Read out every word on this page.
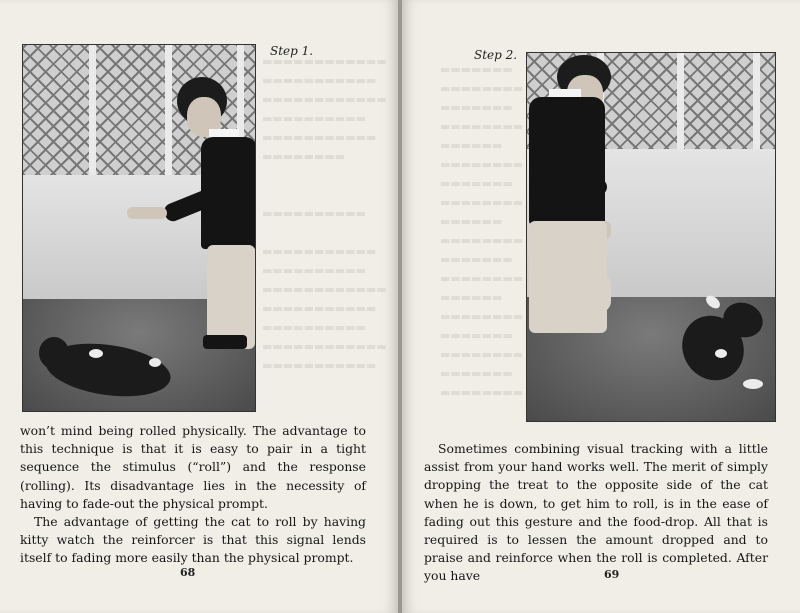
▬▬▬▬▬▬▬▬▬▬▬▬
▬▬▬▬▬▬▬▬▬▬▬
▬▬▬▬▬▬▬▬▬▬▬▬
▬▬▬▬▬▬▬▬▬▬
▬▬▬▬▬▬▬▬▬▬▬
▬▬▬▬▬▬▬▬

▬▬▬▬▬▬▬▬▬▬

▬▬▬▬▬▬▬▬▬▬▬
▬▬▬▬▬▬▬▬▬▬
▬▬▬▬▬▬▬▬▬▬▬▬
▬▬▬▬▬▬▬▬▬▬▬
▬▬▬▬▬▬▬▬▬▬
▬▬▬▬▬▬▬▬▬▬▬▬
▬▬▬▬▬▬▬▬▬▬▬
Step 1.

won’t mind being rolled physically. The advantage to this technique is that it is easy to pair in a tight sequence the stimulus (“roll”) and the response (rolling). Its disadvantage lies in the necessity of having to fade-out the physical prompt.

The advantage of getting the cat to roll by having kitty watch the reinforcer is that this signal lends itself to fading more easily than the physical prompt.

68
▬▬▬▬▬▬▬
▬▬▬▬▬▬▬▬
▬▬▬▬▬▬▬
▬▬▬▬▬▬▬▬
▬▬▬▬▬▬
▬▬▬▬▬▬▬▬
▬▬▬▬▬▬▬
▬▬▬▬▬▬▬▬
▬▬▬▬▬▬
▬▬▬▬▬▬▬▬
▬▬▬▬▬▬▬
▬▬▬▬▬▬▬▬
▬▬▬▬▬▬
▬▬▬▬▬▬▬▬
▬▬▬▬▬▬▬
▬▬▬▬▬▬▬▬
▬▬▬▬▬▬▬
▬▬▬▬▬▬▬▬
Step 2.

Sometimes combining visual tracking with a little assist from your hand works well. The merit of simply dropping the treat to the opposite side of the cat when he is down, to get him to roll, is in the ease of fading out this gesture and the food-drop. All that is required is to lessen the amount dropped and to praise and reinforce when the roll is completed. After you have	69
